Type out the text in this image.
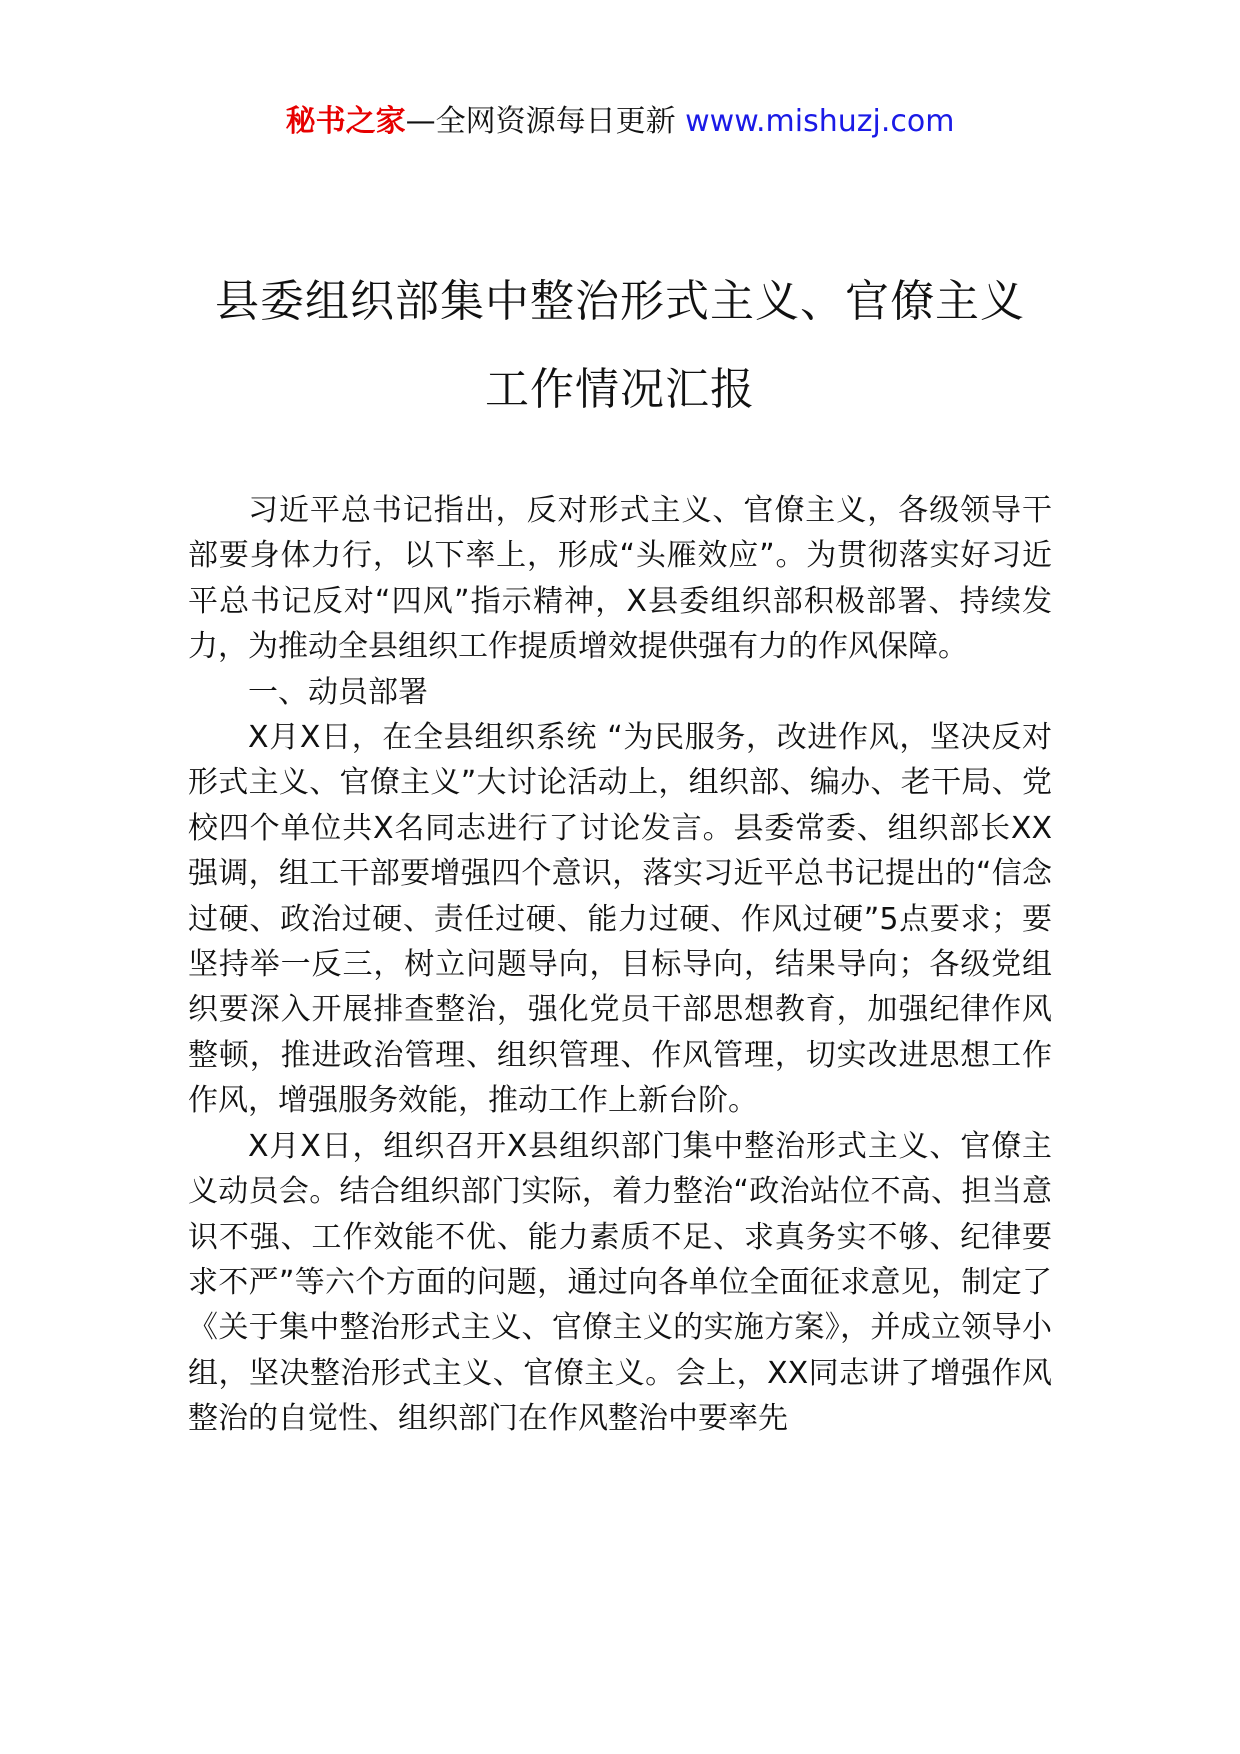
秘书之家—全网资源每日更新 www.mishuzj.com
县委组织部集中整治形式主义、官僚主义
工作情况汇报

习近平总书记指出，反对形式主义、官僚主义，各级领导干部要身体力行，以下率上，形成“头雁效应”。为贯彻落实好习近平总书记反对“四风”指示精神，X县委组织部积极部署、持续发力，为推动全县组织工作提质增效提供强有力的作风保障。

一、动员部署

X月X日，在全县组织系统 “为民服务，改进作风，坚决反对形式主义、官僚主义”大讨论活动上，组织部、编办、老干局、党校四个单位共X名同志进行了讨论发言。县委常委、组织部长XX强调，组工干部要增强四个意识，落实习近平总书记提出的“信念过硬、政治过硬、责任过硬、能力过硬、作风过硬”5点要求；要坚持举一反三，树立问题导向，目标导向，结果导向；各级党组织要深入开展排查整治，强化党员干部思想教育，加强纪律作风整顿，推进政治管理、组织管理、作风管理，切实改进思想工作作风，增强服务效能，推动工作上新台阶。

X月X日，组织召开X县组织部门集中整治形式主义、官僚主义动员会。结合组织部门实际，着力整治“政治站位不高、担当意识不强、工作效能不优、能力素质不足、求真务实不够、纪律要求不严”等六个方面的问题，通过向各单位全面征求意见，制定了《关于集中整治形式主义、官僚主义的实施方案》，并成立领导小组，坚决整治形式主义、官僚主义。会上，XX同志讲了增强作风整治的自觉性、组织部门在作风整治中要率先
